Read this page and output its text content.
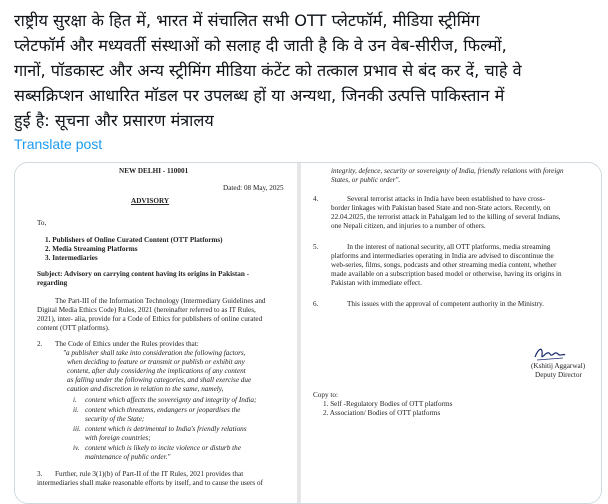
राष्ट्रीय सुरक्षा के हित में, भारत में संचालित सभी OTT प्लेटफॉर्म, मीडिया स्ट्रीमिंग
प्लेटफॉर्म और मध्यवर्ती संस्थाओं को सलाह दी जाती है कि वे उन वेब-सीरीज, फिल्मों,
गानों, पॉडकास्ट और अन्य स्ट्रीमिंग मीडिया कंटेंट को तत्काल प्रभाव से बंद कर दें, चाहे वे
सब्सक्रिप्शन आधारित मॉडल पर उपलब्ध हों या अन्यथा, जिनकी उत्पत्ति पाकिस्तान में
हुई है: सूचना और प्रसारण मंत्रालय
Translate post
NEW DELHI - 110001
Dated: 08 May, 2025
ADVISORY
To,
1. Publishers of Online Curated Content (OTT Platforms)
2. Media Streaming Platforms
3. Intermediaries
Subject: Advisory on carrying content having its origins in Pakistan -
regarding
The Part-III of the Information Technology (Intermediary Guidelines and
Digital Media Ethics Code) Rules, 2021 (hereinafter referred to as IT Rules,
2021), inter- alia, provide for a Code of Ethics for publishers of online curated
content (OTT platforms).
2. The Code of Ethics under the Rules provides that:
"a publisher shall take into consideration the following factors,
when deciding to feature or transmit or publish or exhibit any
content, after duly considering the implications of any content
as falling under the following categories, and shall exercise due
caution and discretion in relation to the same, namely,
i. content which affects the sovereignty and integrity of India;
ii. content which threatens, endangers or jeopardises the
security of the State;
iii. content which is detrimental to India's friendly relations
with foreign countries;
iv. content which is likely to incite violence or disturb the
maintenance of public order."
3. Further, rule 3(1)(b) of Part-II of the IT Rules, 2021 provides that
intermediaries shall make reasonable efforts by itself, and to cause the users of
integrity, defence, security or sovereignty of India, friendly relations with foreign
States, or public order".
4.	Several terrorist attacks in India have been established to have cross-
border linkages with Pakistan based State and non-State actors. Recently, on
22.04.2025, the terrorist attack in Pahalgam led to the killing of several Indians,
one Nepali citizen, and injuries to a number of others.
5.	In the interest of national security, all OTT platforms, media streaming
platforms and intermediaries operating in India are advised to discontinue the
web-series, films, songs, podcasts and other streaming media content, whether
made available on a subscription based model or otherwise, having its origins in
Pakistan with immediate effect.
6.	This issues with the approval of competent authority in the Ministry.
(Kshitij Aggarwal)
Deputy Director
Copy to:
1. Self -Regulatory Bodies of OTT platforms
2. Association/ Bodies of OTT platforms
